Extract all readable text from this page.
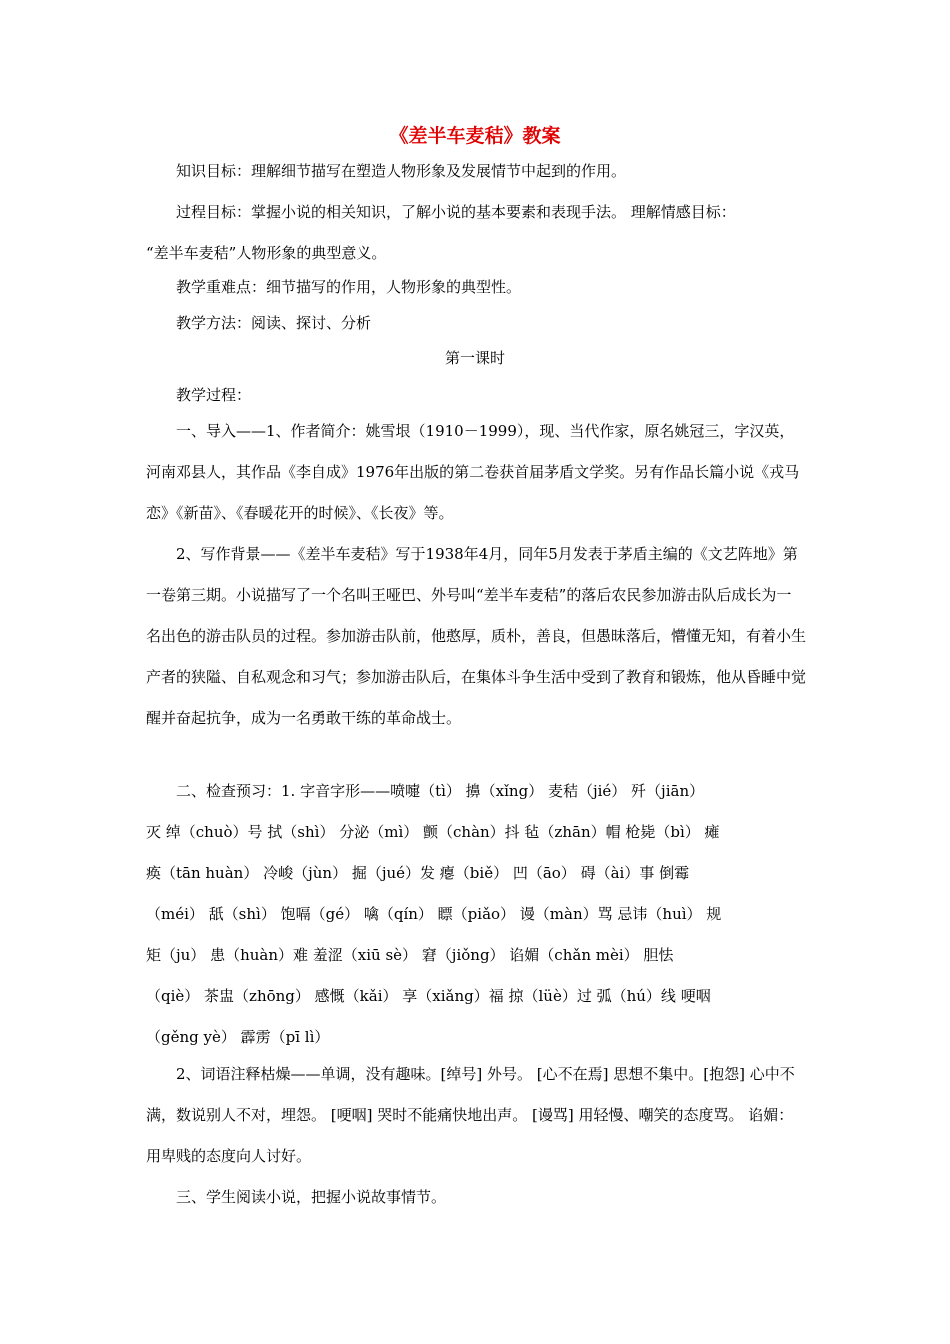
《差半车麦秸》教案
知识目标：理解细节描写在塑造人物形象及发展情节中起到的作用。
过程目标：掌握小说的相关知识，了解小说的基本要素和表现手法。 理解情感目标：
“差半车麦秸”人物形象的典型意义。
教学重难点：细节描写的作用，人物形象的典型性。
教学方法：阅读、探讨、分析
第一课时
教学过程：
一、导入——1、作者简介：姚雪垠（1910－1999），现、当代作家，原名姚冠三，字汉英，河南邓县人，其作品《李自成》1976年出版的第二卷获首届茅盾文学奖。另有作品长篇小说《戎马恋》《新苗》、《春暖花开的时候》、《长夜》等。
2、写作背景——《差半车麦秸》写于1938年4月，同年5月发表于茅盾主编的《文艺阵地》第一卷第三期。小说描写了一个名叫王哑巴、外号叫“差半车麦秸”的落后农民参加游击队后成长为一名出色的游击队员的过程。参加游击队前，他憨厚，质朴，善良，但愚昧落后，懵懂无知，有着小生产者的狭隘、自私观念和习气；参加游击队后，在集体斗争生活中受到了教育和锻炼，他从昏睡中觉醒并奋起抗争，成为一名勇敢干练的革命战士。
二、检查预习：1. 字音字形——喷嚏（tì） 擤（xǐng） 麦秸（jié） 歼（jiān）
灭 绰（chuò）号 拭（shì） 分泌（mì） 颤（chàn）抖 毡（zhān）帽 枪毙（bì） 瘫
痪（tān huàn） 冷峻（jùn） 掘（jué）发 瘪（biě） 凹（āo） 碍（ài）事 倒霉
（méi） 舐（shì） 饱嗝（gé） 噙（qín） 瞟（piǎo） 谩（màn）骂 忌讳（huì） 规
矩（ju） 患（huàn）难 羞涩（xiū sè） 窘（jiǒng） 谄媚（chǎn mèi） 胆怯
（qiè） 茶盅（zhōng） 感慨（kǎi） 享（xiǎng）福 掠（lüè）过 弧（hú）线 哽咽
（gěng yè） 霹雳（pī lì）
2、词语注释枯燥——单调，没有趣味。[绰号] 外号。 [心不在焉] 思想不集中。[抱怨] 心中不满，数说别人不对，埋怨。 [哽咽] 哭时不能痛快地出声。 [谩骂] 用轻慢、嘲笑的态度骂。 谄媚：用卑贱的态度向人讨好。
三、学生阅读小说，把握小说故事情节。
